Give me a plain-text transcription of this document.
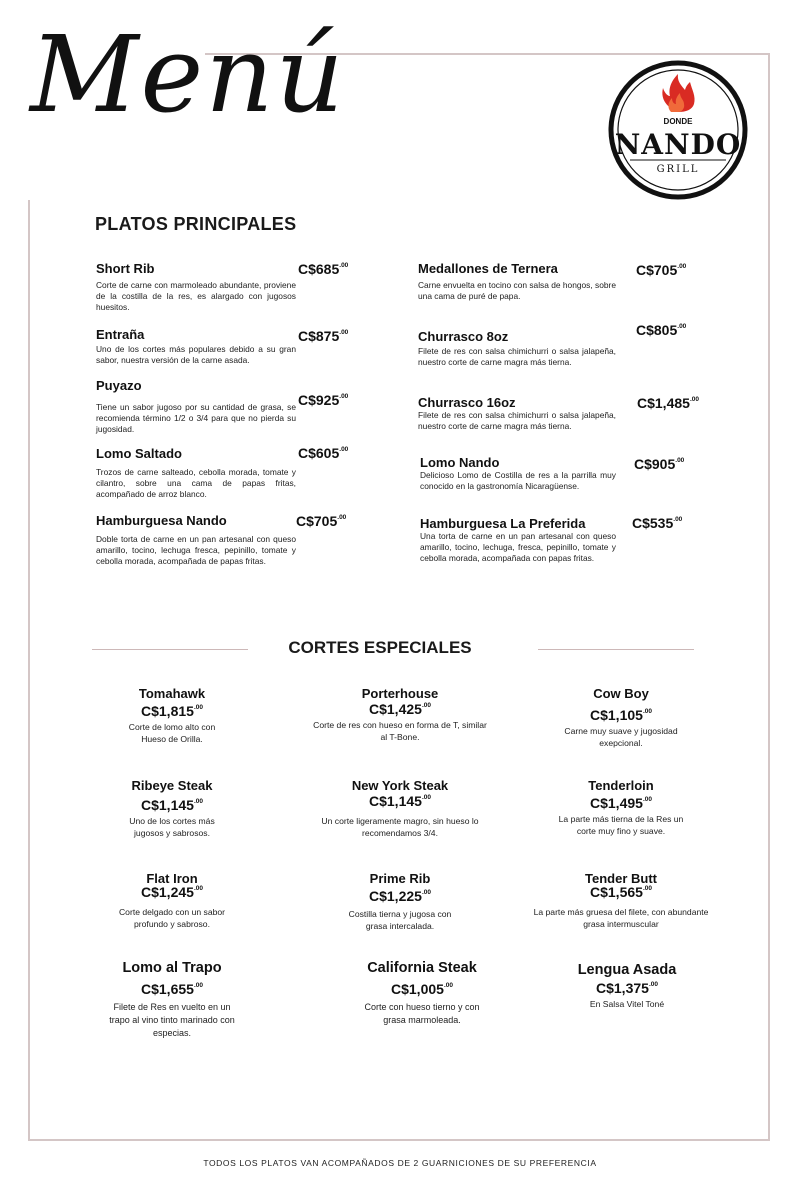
Menú	DONDE
NANDO
GRILL
PLATOS PRINCIPALES
Short Rib
Corte de carne con marmoleado abundante, proviene de la costilla de la res, es alargado con jugosos huesitos.
$C\$685^{.00}$
Entraña
Uno de los cortes más populares debido a su gran sabor, nuestra versión de la carne asada.
$C\$875^{.00}$
Puyazo
Tiene un sabor jugoso por su cantidad de grasa, se recomienda término 1/2 o 3/4 para que no pierda su jugosidad.
$C\$925^{.00}$
Lomo Saltado
Trozos de carne salteado, cebolla morada, tomate y cilantro, sobre una cama de papas fritas, acompañado de arroz blanco.
$C\$605^{.00}$
Hamburguesa Nando
Doble torta de carne en un pan artesanal con queso amarillo, tocino, lechuga fresca, pepinillo, tomate y cebolla morada, acompañada de papas fritas.
$C\$705^{.00}$
Medallones de Ternera
Carne envuelta en tocino con salsa de hongos, sobre una cama de puré de papa.
$C\$705^{.00}$
Churrasco 8oz
Filete de res con salsa chimichurri o salsa jalapeña, nuestro corte de carne magra más tierna.
$C\$805^{.00}$
Churrasco 16oz
Filete de res con salsa chimichurri o salsa jalapeña, nuestro corte de carne magra más tierna.
$C\$1,485^{.00}$
Lomo Nando
Delicioso Lomo de Costilla de res a la parrilla muy conocido en la gastronomía Nicaragüense.
$C\$905^{.00}$
Hamburguesa La Preferida
Una torta de carne en un pan artesanal con queso amarillo, tocino, lechuga, fresca, pepinillo, tomate y cebolla morada, acompañada con papas fritas.
$C\$535^{.00}$
CORTES ESPECIALES
Tomahawk
$C\$1,815^{.00}$
Corte de lomo alto con Hueso de Orilla.
Porterhouse
$C\$1,425^{.00}$
Corte de res con hueso en forma de T, similar al T-Bone.
Cow Boy
$C\$1,105^{.00}$
Carne muy suave y jugosidad exepcional.
Ribeye Steak
$C\$1,145^{.00}$
Uno de los cortes más jugosos y sabrosos.
New York Steak
$C\$1,145^{.00}$
Un corte ligeramente magro, sin hueso lo recomendamos 3/4.
Tenderloin
$C\$1,495^{.00}$
La parte más tierna de la Res un corte muy fino y suave.
Flat Iron
$C\$1,245^{.00}$
Corte delgado con un sabor profundo y sabroso.
Prime Rib
$C\$1,225^{.00}$
Costilla tierna y jugosa con grasa intercalada.
Tender Butt
$C\$1,565^{.00}$
La parte más gruesa del filete, con abundante grasa intermuscular
Lomo al Trapo
$C\$1,655^{.00}$
Filete de Res en vuelto en un trapo al vino tinto marinado con especias.
California Steak
$C\$1,005^{.00}$
Corte con hueso tierno y con grasa marmoleada.
Lengua Asada
$C\$1,375^{.00}$
En Salsa Vitel Toné
TODOS LOS PLATOS VAN ACOMPAÑADOS DE 2 GUARNICIONES DE SU PREFERENCIA
